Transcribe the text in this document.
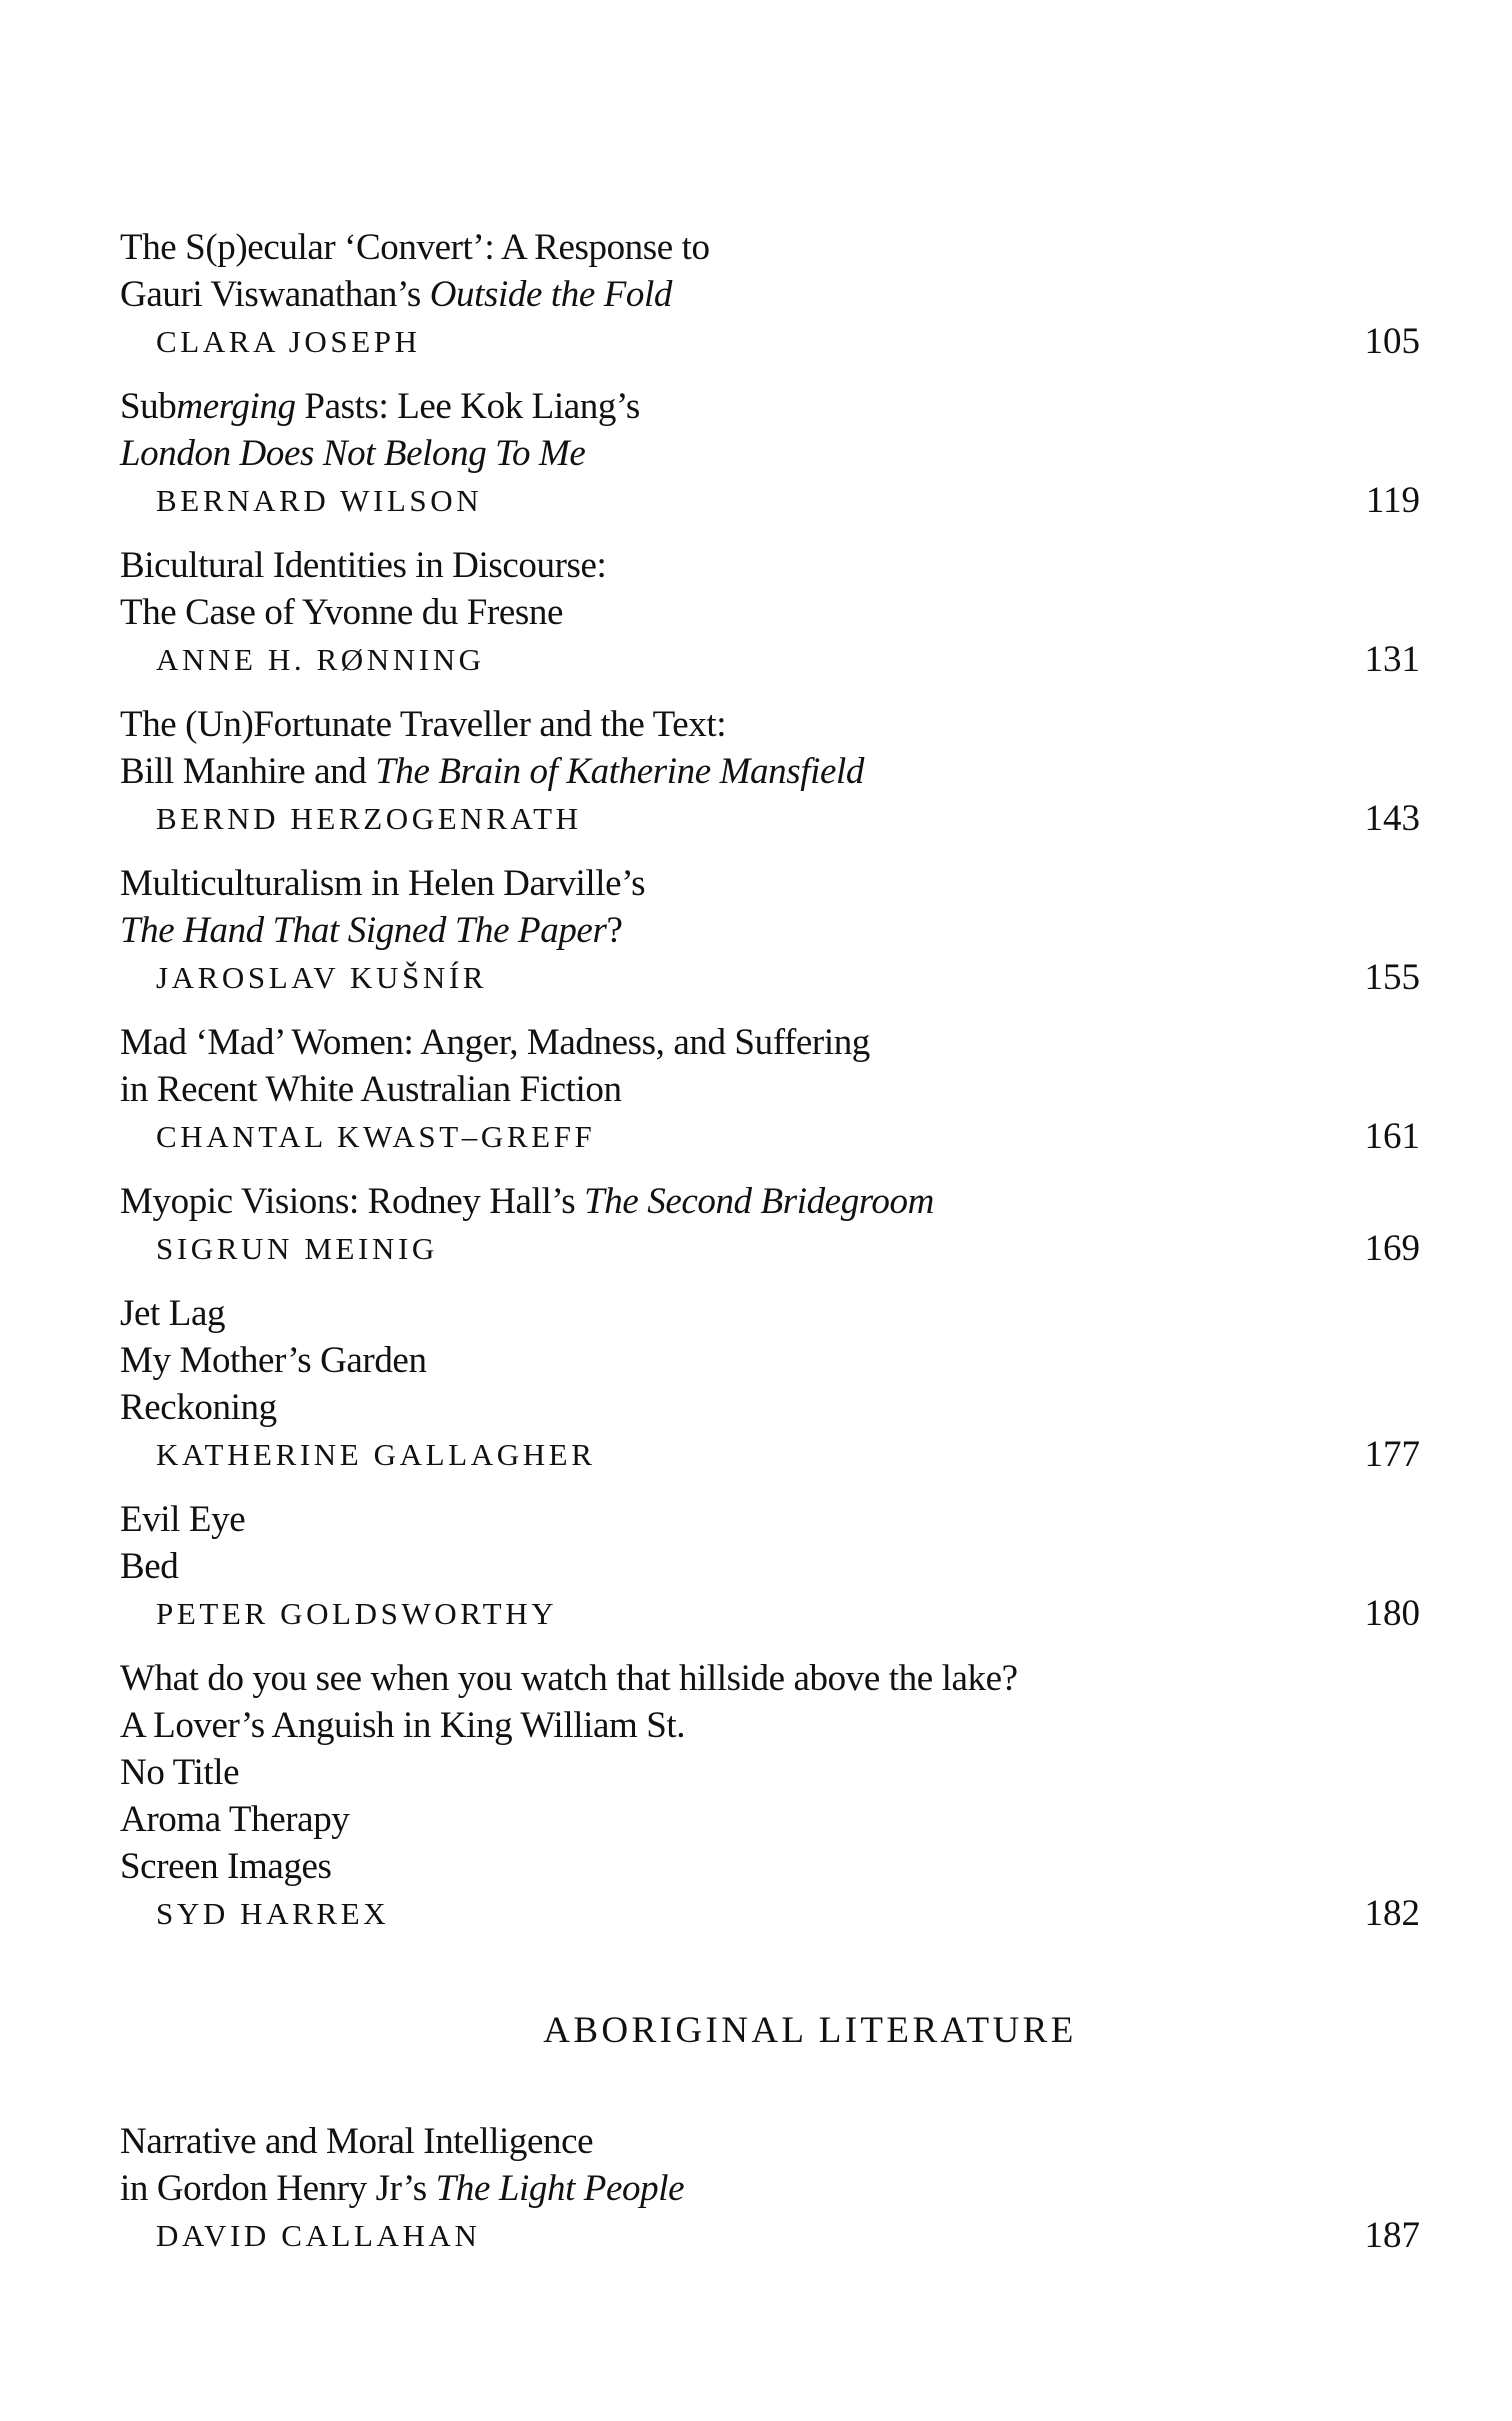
The S(p)ecular ‘Convert’: A Response to
Gauri Viswanathan’s Outside the Fold
CLARA JOSEPH	105
Submerging Pasts: Lee Kok Liang’s
London Does Not Belong To Me
BERNARD WILSON	119
Bicultural Identities in Discourse:
The Case of Yvonne du Fresne
ANNE H. RØNNING	131
The (Un)Fortunate Traveller and the Text:
Bill Manhire and The Brain of Katherine Mansfield
BERND HERZOGENRATH	143
Multiculturalism in Helen Darville’s
The Hand That Signed The Paper?
JAROSLAV KUŠNÍR	155
Mad ‘Mad’ Women: Anger, Madness, and Suffering
in Recent White Australian Fiction
CHANTAL KWAST–GREFF	161
Myopic Visions: Rodney Hall’s The Second Bridegroom
SIGRUN MEINIG	169
Jet Lag
My Mother’s Garden
Reckoning
KATHERINE GALLAGHER	177
Evil Eye
Bed
PETER GOLDSWORTHY	180
What do you see when you watch that hillside above the lake?
A Lover’s Anguish in King William St.
No Title
Aroma Therapy
Screen Images
SYD HARREX	182
ABORIGINAL LITERATURE
Narrative and Moral Intelligence
in Gordon Henry Jr’s The Light People
DAVID CALLAHAN	187
